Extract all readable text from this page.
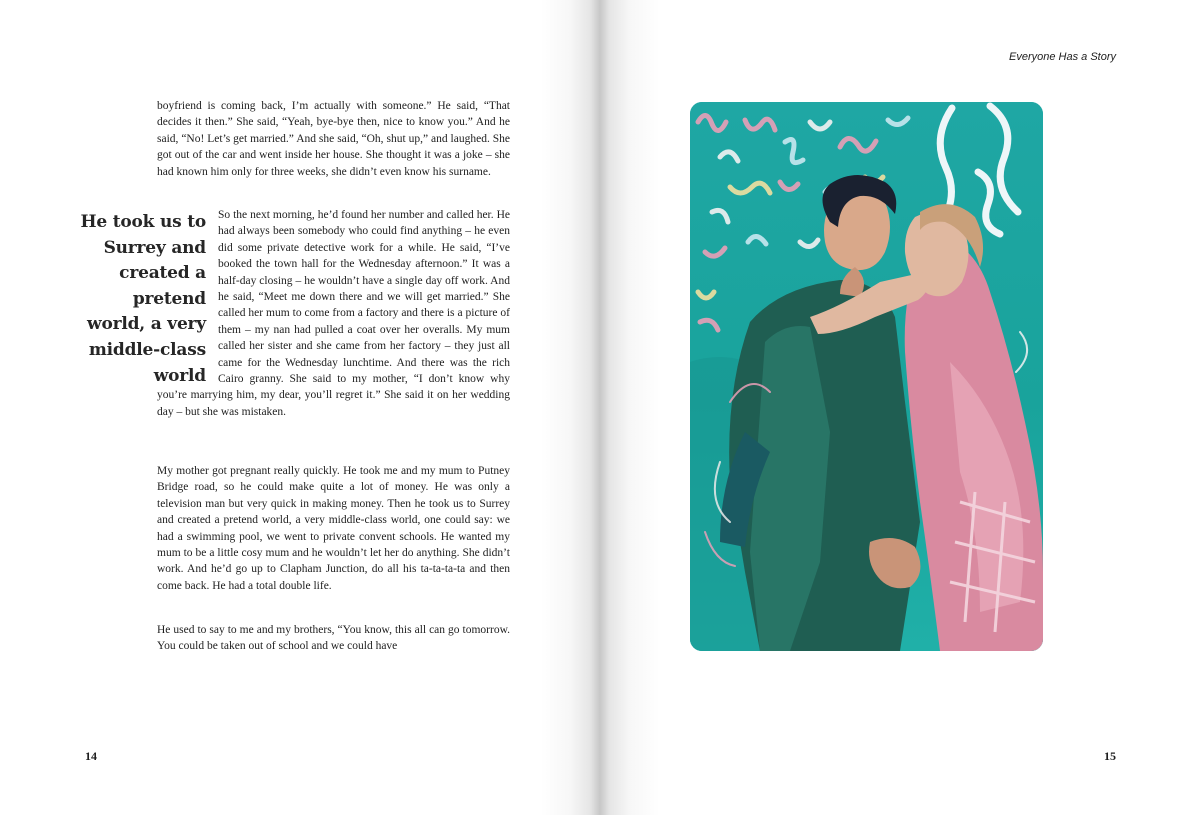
boyfriend is coming back, I’m actually with someone.” He said, “That decides it then.” She said, “Yeah, bye-bye then, nice to know you.” And he said, “No! Let’s get married.” And she said, “Oh, shut up,” and laughed. She got out of the car and went inside her house. She thought it was a joke – she had known him only for three weeks, she didn’t even know his surname.

So the next morning, he’d found her number and called her. He had always been somebody who could find anything – he even did some private detective work for a while. He said, “I’ve booked the town hall for the Wednesday afternoon.” It was a half-day closing – he wouldn’t have a single day off work. And he said, “Meet me down there and we will get married.” She called her mum to come from a factory and there is a picture of them – my nan had pulled a coat over her overalls. My mum called her sister and she came from her factory – they just all came for the Wednesday lunchtime. And there was the rich Cairo granny. She said to my mother, “I don’t know why you’re marrying him, my dear, you’ll regret it.” She said it on her wedding day – but she was mistaken.

He took us to Surrey and created a pretend world, a very middle-class world

My mother got pregnant really quickly. He took me and my mum to Putney Bridge road, so he could make quite a lot of money. He was only a television man but very quick in making money. Then he took us to Surrey and created a pretend world, a very middle-class world, one could say: we had a swimming pool, we went to private convent schools. He wanted my mum to be a little cosy mum and he wouldn’t let her do anything. She didn’t work. And he’d go up to Clapham Junction, do all his ta-ta-ta-ta and then come back. He had a total double life.

He used to say to me and my brothers, “You know, this all can go tomorrow. You could be taken out of school and we could have

14
Everyone Has a Story
15
